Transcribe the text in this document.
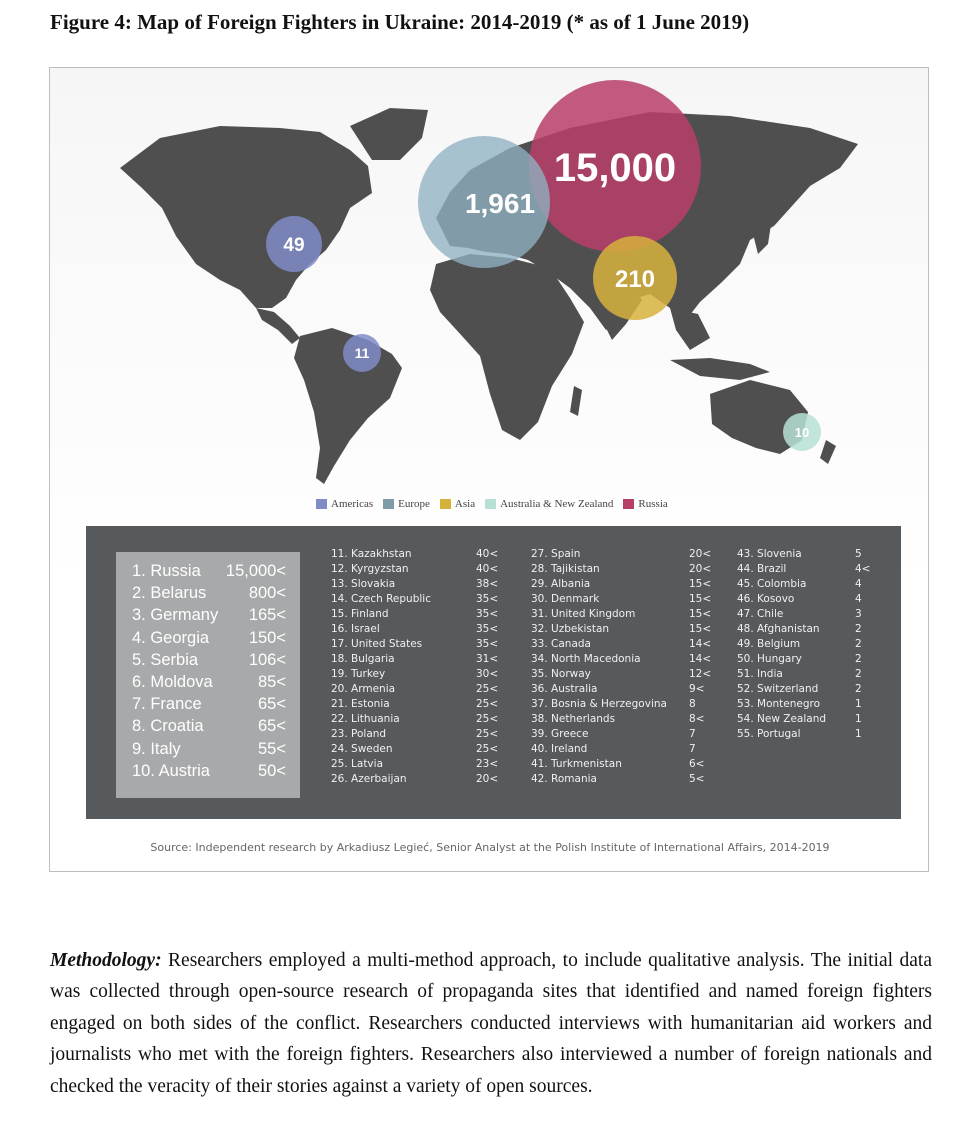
Figure 4: Map of Foreign Fighters in Ukraine: 2014-2019 (* as of 1 June 2019)
15,000
1,961
210
49
11
10
Americas Europe Asia Australia & New Zealand Russia
1. Russia 15,000<
2. Belarus	800<
3. Germany 165<
4. Georgia 150<
5. Serbia	106<
6. Moldova	85<
7. France	65<
8. Croatia	65<
9. Italy	55<
10. Austria	50<
11. Kazakhstan	40<
12. Kyrgyzstan	40<
13. Slovakia	38<
14. Czech Republic	35<
15. Finland	35<
16. Israel	35<
17. United States	35<
18. Bulgaria	31<
19. Turkey	30<
20. Armenia	25<
21. Estonia	25<
22. Lithuania	25<
23. Poland	25<
24. Sweden	25<
25. Latvia	23<
26. Azerbaijan	20<
27. Spain	20<
28. Tajikistan	20<
29. Albania	15<
30. Denmark	15<
31. United Kingdom	15<
32. Uzbekistan	15<
33. Canada	14<
34. North Macedonia	14<
35. Norway	12<
36. Australia	9<
37. Bosnia & Herzegovina 8
38. Netherlands	8<
39. Greece	7
40. Ireland	7
41. Turkmenistan	6<
42. Romania	5<
43. Slovenia	5
44. Brazil	4<
45. Colombia	4
46. Kosovo	4
47. Chile	3
48. Afghanistan	2
49. Belgium	2
50. Hungary	2
51. India	2
52. Switzerland	2
53. Montenegro	1
54. New Zealand	1
55. Portugal	1
Source: Independent research by Arkadiusz Legieć, Senior Analyst at the Polish Institute of International Affairs, 2014-2019

Methodology: Researchers employed a multi-method approach, to include qualitative analysis. The initial data was collected through open-source research of propaganda sites that identified and named foreign fighters engaged on both sides of the conflict. Researchers conducted interviews with humanitarian aid workers and journalists who met with the foreign fighters. Researchers also interviewed a number of foreign nationals and checked the veracity of their stories against a variety of open sources.
